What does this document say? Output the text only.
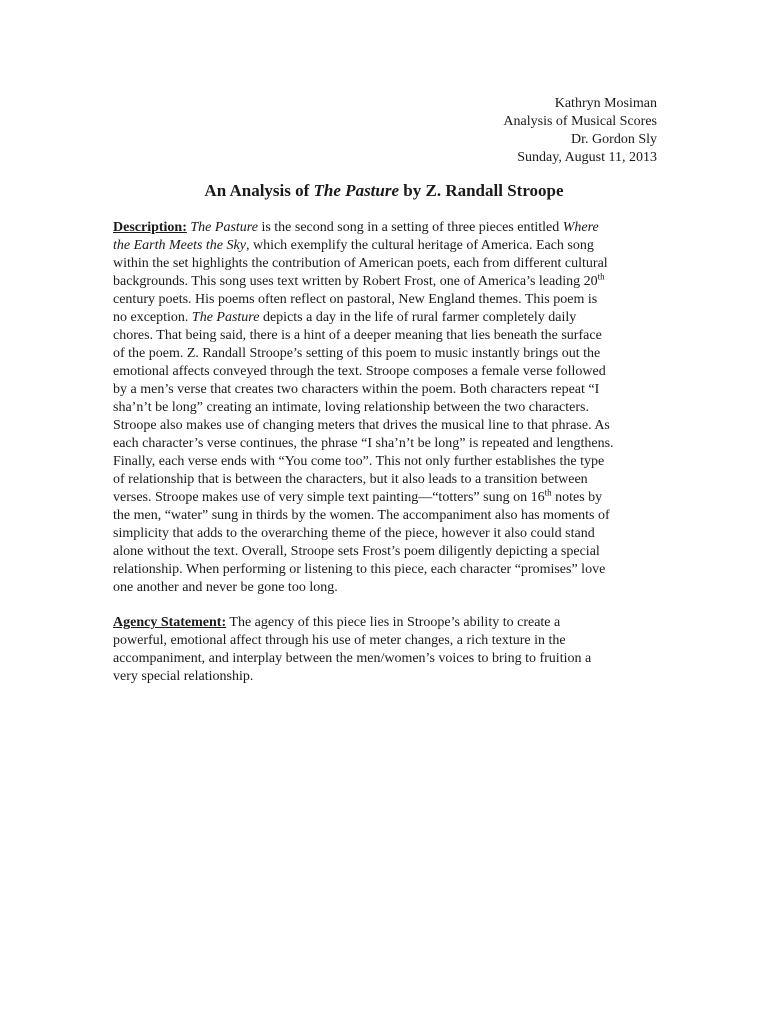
Kathryn Mosiman
Analysis of Musical Scores
Dr. Gordon Sly
Sunday, August 11, 2013
An Analysis of The Pasture by Z. Randall Stroope
Description: The Pasture is the second song in a setting of three pieces entitled Where
the Earth Meets the Sky, which exemplify the cultural heritage of America. Each song
within the set highlights the contribution of American poets, each from different cultural
backgrounds. This song uses text written by Robert Frost, one of America’s leading 20th
century poets. His poems often reflect on pastoral, New England themes. This poem is
no exception. The Pasture depicts a day in the life of rural farmer completely daily
chores. That being said, there is a hint of a deeper meaning that lies beneath the surface
of the poem. Z. Randall Stroope’s setting of this poem to music instantly brings out the
emotional affects conveyed through the text. Stroope composes a female verse followed
by a men’s verse that creates two characters within the poem. Both characters repeat “I
sha’n’t be long” creating an intimate, loving relationship between the two characters.
Stroope also makes use of changing meters that drives the musical line to that phrase. As
each character’s verse continues, the phrase “I sha’n’t be long” is repeated and lengthens.
Finally, each verse ends with “You come too”. This not only further establishes the type
of relationship that is between the characters, but it also leads to a transition between
verses. Stroope makes use of very simple text painting—“totters” sung on 16th notes by
the men, “water” sung in thirds by the women. The accompaniment also has moments of
simplicity that adds to the overarching theme of the piece, however it also could stand
alone without the text. Overall, Stroope sets Frost’s poem diligently depicting a special
relationship. When performing or listening to this piece, each character “promises” love
one another and never be gone too long.
Agency Statement: The agency of this piece lies in Stroope’s ability to create a
powerful, emotional affect through his use of meter changes, a rich texture in the
accompaniment, and interplay between the men/women’s voices to bring to fruition a
very special relationship.
